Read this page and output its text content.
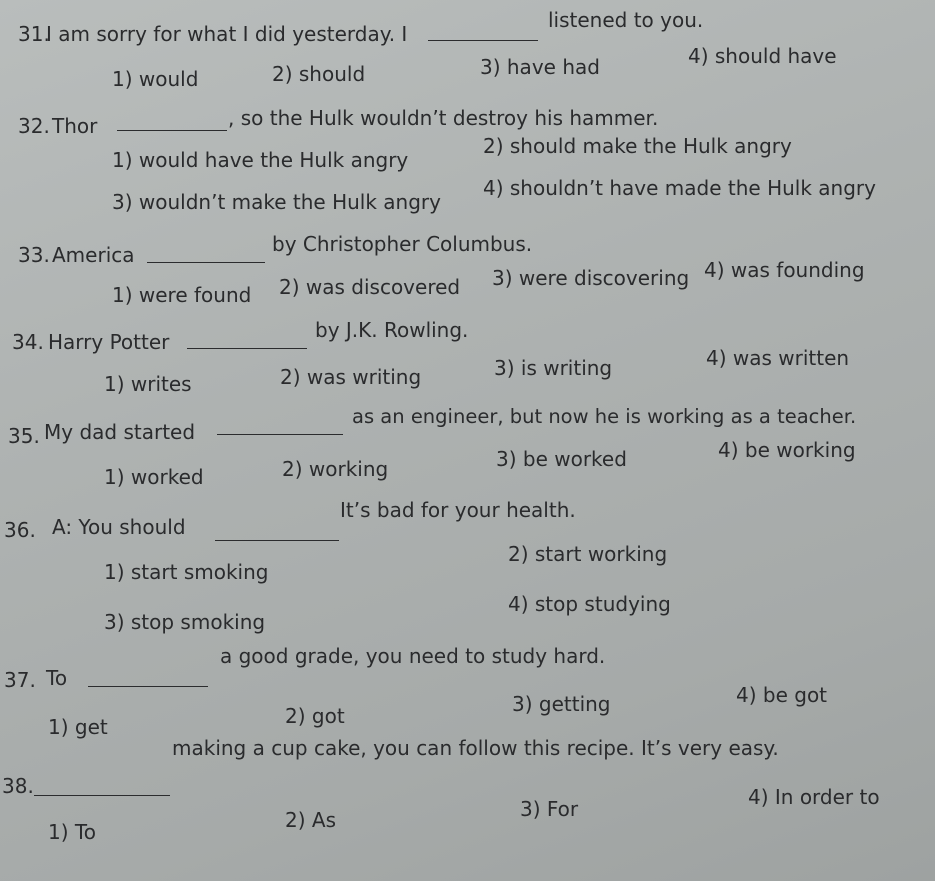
31.
I am sorry for what I did yesterday. I
listened to you.
1) would	2) should	3) have had	4) should have
32. Thor	, so the Hulk wouldn’t destroy his hammer.
1) would have the Hulk angry
2) should make the Hulk angry
3) wouldn’t make the Hulk angry
4) shouldn’t have made the Hulk angry
33. America	by Christopher Columbus.
1) were found 2) was discovered 3) were discovering 4) was founding
34. Harry Potter	by J.K. Rowling.
1) writes	2) was writing	3) is writing	4) was written
35. My dad started
as an engineer, but now he is working as a teacher.
1) worked	2) working	3) be worked	4) be working
36. A: You should
It’s bad for your health.
1) start smoking
2) start working
3) stop smoking
4) stop studying
37. To
a good grade, you need to study hard.
1) get	2) got	3) getting	4) be got
38.
making a cup cake, you can follow this recipe. It’s very easy.
1) To	2) As	3) For	4) In order to
